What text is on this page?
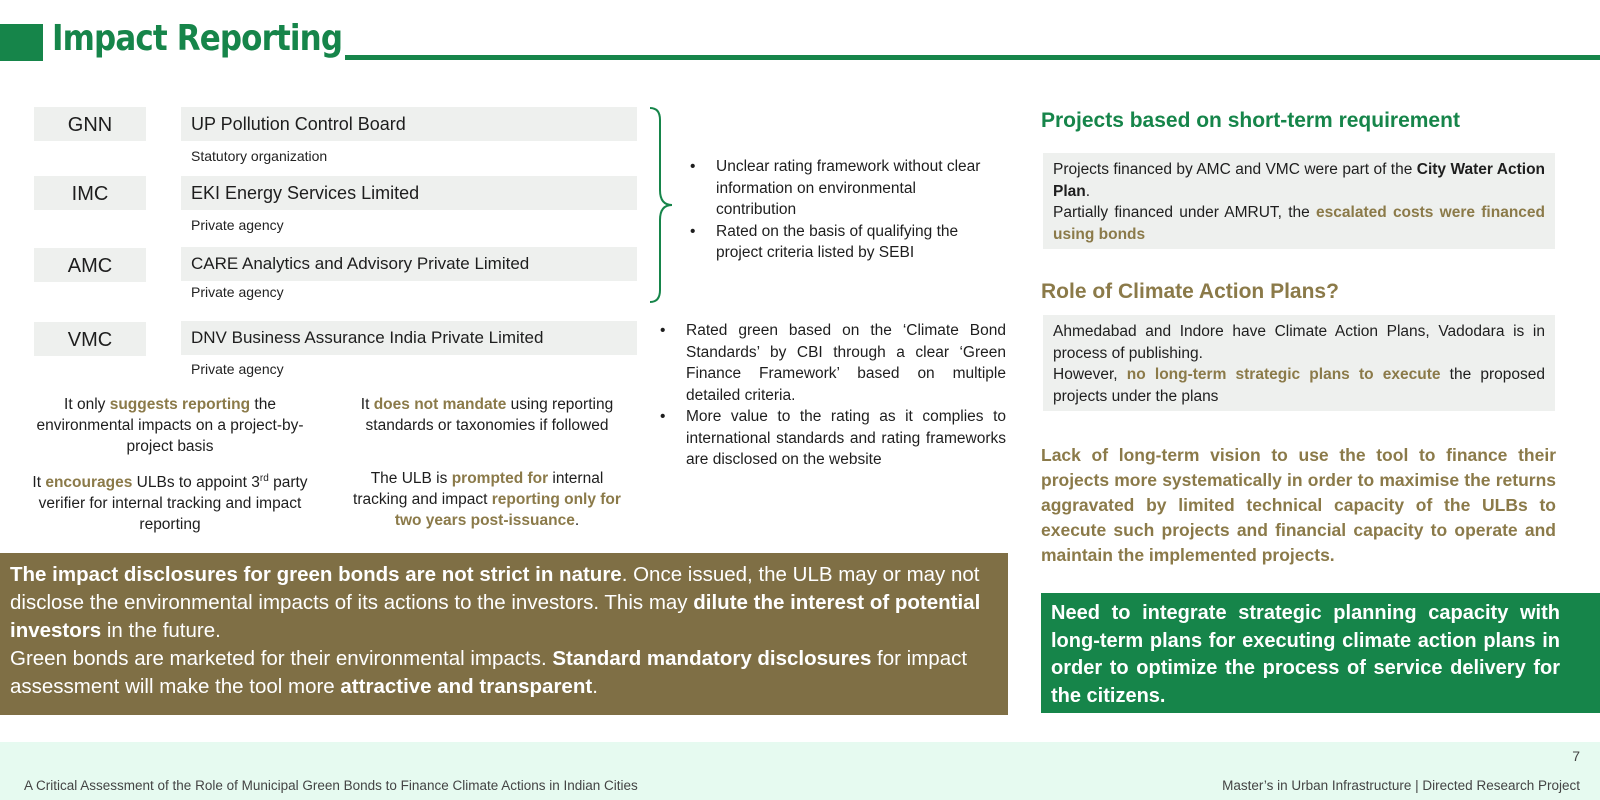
Impact Reporting
GNN	UP Pollution Control Board
Statutory organization
IMC	EKI Energy Services Limited
Private agency
AMC	CARE Analytics and Advisory Private Limited
Private agency
VMC	DNV Business Assurance India Private Limited
Private agency
• Unclear rating framework without clear information on environmental contribution
• Rated on the basis of qualifying the project criteria listed by SEBI
• Rated green based on the ‘Climate Bond Standards’ by CBI through a clear ‘Green Finance Framework’ based on multiple detailed criteria.
• More value to the rating as it complies to international standards and rating frameworks are disclosed on the website
It only suggests reporting the environmental impacts on a project-by-project basis
It does not mandate using reporting standards or taxonomies if followed
It encourages ULBs to appoint 3rd party verifier for internal tracking and impact reporting
The ULB is prompted for internal tracking and impact reporting only for two years post-issuance.
The impact disclosures for green bonds are not strict in nature. Once issued, the ULB may or may not disclose the environmental impacts of its actions to the investors. This may dilute the interest of potential investors in the future.
Green bonds are marketed for their environmental impacts. Standard mandatory disclosures for impact assessment will make the tool more attractive and transparent.
Projects based on short-term requirement
Projects financed by AMC and VMC were part of the City Water Action Plan.
Partially financed under AMRUT, the escalated costs were financed using bonds
Role of Climate Action Plans?
Ahmedabad and Indore have Climate Action Plans, Vadodara is in process of publishing.
However, no long-term strategic plans to execute the proposed projects under the plans
Lack of long-term vision to use the tool to finance their projects more systematically in order to maximise the returns aggravated by limited technical capacity of the ULBs to execute such projects and financial capacity to operate and maintain the implemented projects.
Need to integrate strategic planning capacity with long-term plans for executing climate action plans in order to optimize the process of service delivery for the citizens.
7
A Critical Assessment of the Role of Municipal Green Bonds to Finance Climate Actions in Indian Cities	Master’s in Urban Infrastructure | Directed Research Project
